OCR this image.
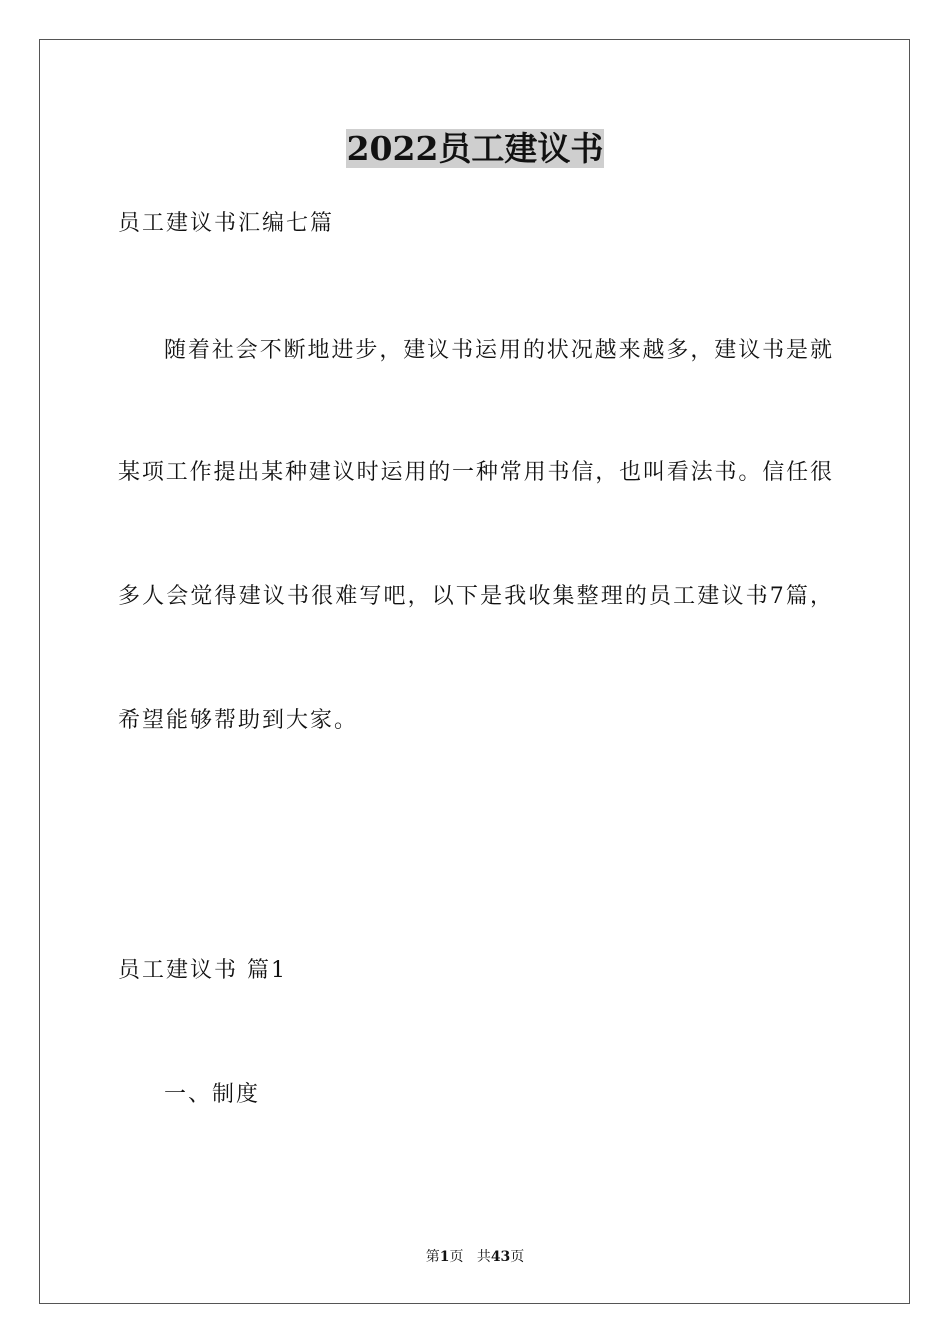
2022员工建议书
员工建议书汇编七篇
随着社会不断地进步，建议书运用的状况越来越多，建议书是就
某项工作提出某种建议时运用的一种常用书信，也叫看法书。信任很
多人会觉得建议书很难写吧，以下是我收集整理的员工建议书7篇，
希望能够帮助到大家。
员工建议书 篇1
一、制度
第1页 共43页
